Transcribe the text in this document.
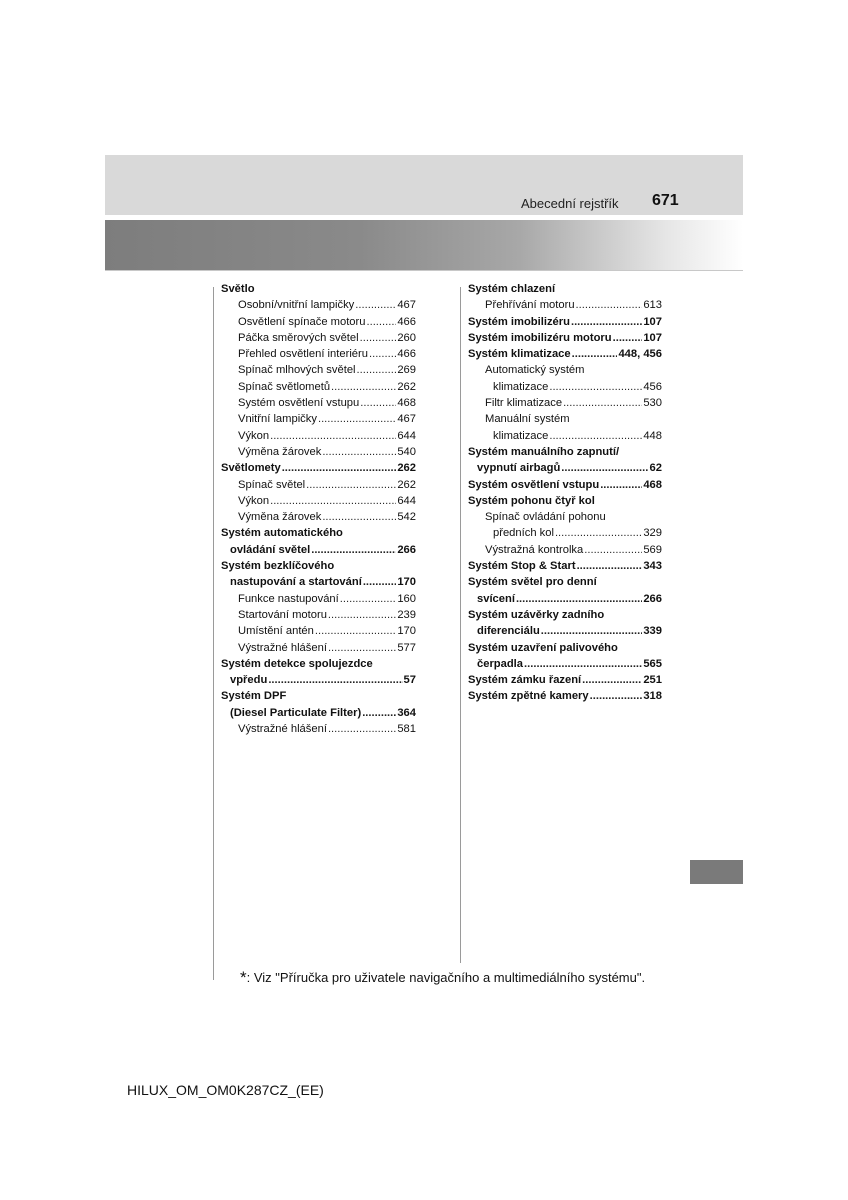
Abecední rejstřík 671
Světlo
Osobní/vnitřní lampičky .....	467
Osvětlení spínače motoru .....	466
Páčka směrových světel .....	260
Přehled osvětlení interiéru .....	466
Spínač mlhových světel .....	269
Spínač světlometů .....	262
Systém osvětlení vstupu .....	468
Vnitřní lampičky .....	467
Výkon .....	644
Výměna žárovek .....	540
Světlomety .....	262
Spínač světel .....	262
Výkon .....	644
Výměna žárovek .....	542
Systém automatického
ovládání světel .....	266
Systém bezklíčového
nastupování a startování .....	170
Funkce nastupování .....	160
Startování motoru .....	239
Umístění antén .....	170
Výstražné hlášení .....	577
Systém detekce spolujezdce
vpředu .....	57
Systém DPF
(Diesel Particulate Filter) .....	364
Výstražné hlášení .....	581
Systém chlazení
Přehřívání motoru .....	613
Systém imobilizéru .....	107
Systém imobilizéru motoru .....	107
Systém klimatizace .....	448, 456
Automatický systém
klimatizace .....	456
Filtr klimatizace .....	530
Manuální systém
klimatizace .....	448
Systém manuálního zapnutí/
vypnutí airbagů .....	62
Systém osvětlení vstupu .....	468
Systém pohonu čtyř kol
Spínač ovládání pohonu
předních kol .....	329
Výstražná kontrolka .....	569
Systém Stop & Start .....	343
Systém světel pro denní
svícení .....	266
Systém uzávěrky zadního
diferenciálu .....	339
Systém uzavření palivového
čerpadla .....	565
Systém zámku řazení .....	251
Systém zpětné kamery .....	318
*: Viz "Příručka pro uživatele navigačního a multimediálního systému".
HILUX_OM_OM0K287CZ_(EE)
